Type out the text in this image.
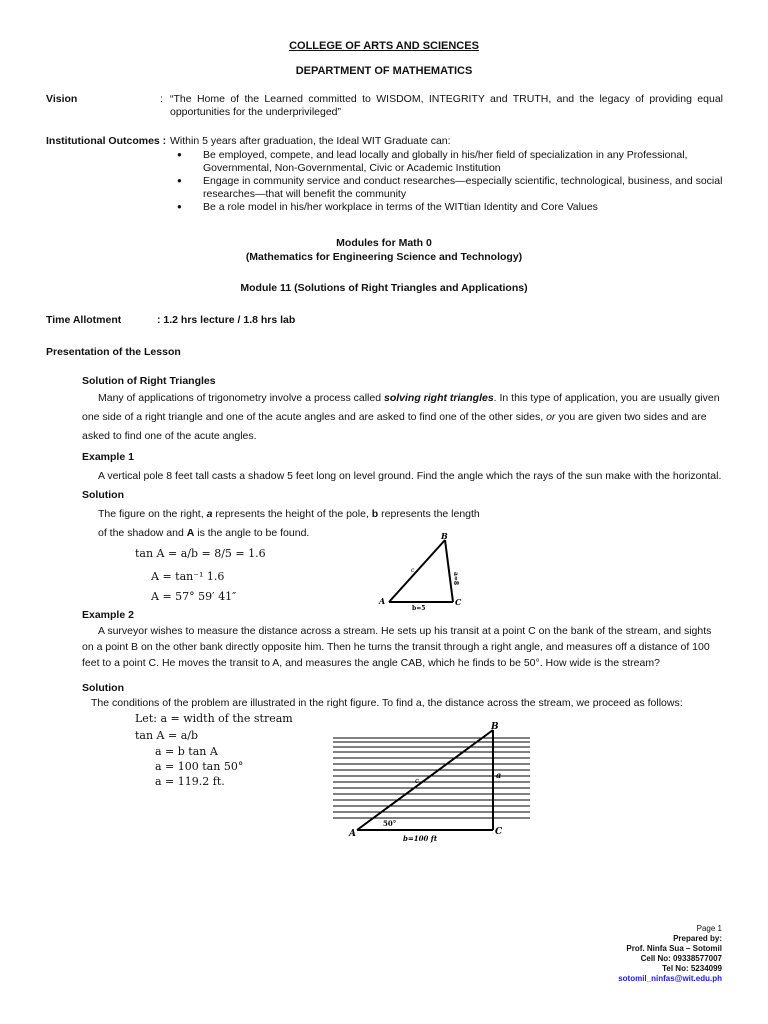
COLLEGE OF ARTS AND SCIENCES
DEPARTMENT OF MATHEMATICS
Vision	: “The Home of the Learned committed to WISDOM, INTEGRITY and TRUTH, and the legacy of providing equal opportunities for the underprivileged”
Institutional Outcomes : Within 5 years after graduation, the Ideal WIT Graduate can:
● Be employed, compete, and lead locally and globally in his/her field of specialization in any Professional, Governmental, Non-Governmental, Civic or Academic Institution
● Engage in community service and conduct researches—especially scientific, technological, business, and social researches—that will benefit the community
● Be a role model in his/her workplace in terms of the WITtian Identity and Core Values
Modules for Math 0
(Mathematics for Engineering Science and Technology)
Module 11 (Solutions of Right Triangles and Applications)
Time Allotment	: 1.2 hrs lecture / 1.8 hrs lab
Presentation of the Lesson
Solution of Right Triangles
Many of applications of trigonometry involve a process called solving right triangles. In this type of application, you are usually given one side of a right triangle and one of the acute angles and are asked to find one of the other sides, or you are given two sides and are asked to find one of the acute angles.
Example 1
A vertical pole 8 feet tall casts a shadow 5 feet long on level ground. Find the angle which the rays of the sun make with the horizontal.
Solution
The figure on the right, a represents the height of the pole, b represents the length
of the shadow and A is the angle to be found.
tan A = a/b = 8/5 = 1.6
A = tan⁻¹ 1.6
A = 57° 59′ 41″
B
A	C
a=8
b=5
c
Example 2
A surveyor wishes to measure the distance across a stream. He sets up his transit at a point C on the bank of the stream, and sights on a point B on the other bank directly opposite him. Then he turns the transit through a right angle, and measures off a distance of 100 feet to a point C. He moves the transit to A, and measures the angle CAB, which he finds to be 50°. How wide is the stream?
Solution
The conditions of the problem are illustrated in the right figure. To find a, the distance across the stream, we proceed as follows:
Let: a = width of the stream
tan A = a/b
a = b tan A
a = 100 tan 50°
a = 119.2 ft.
B
A	C
a
c
50°
b=100 ft
Page 1
Prepared by:
Prof. Ninfa Sua – Sotomil
Cell No: 09338577007
Tel No: 5234099
sotomil_ninfas@wit.edu.ph
